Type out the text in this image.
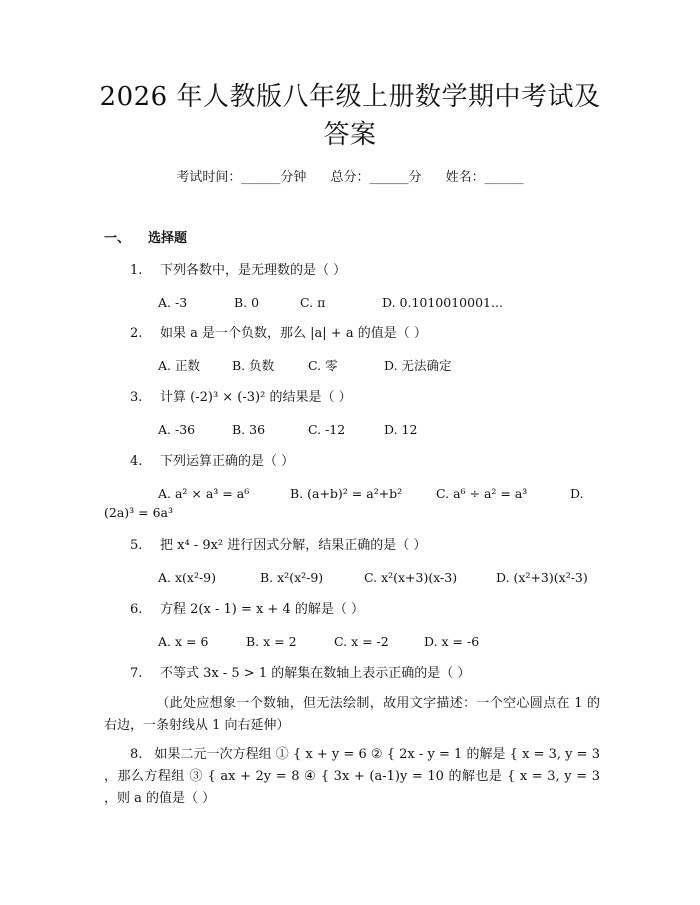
2026 年人教版八年级上册数学期中考试及答案
考试时间：______分钟 总分：______分 姓名：______
一、 选择题
1. 下列各数中，是无理数的是（ ）
A. -3	B. 0	C. π	D. 0.1010010001...
2. 如果 a 是一个负数，那么 |a| + a 的值是（ ）
A. 正数	B. 负数	C. 零	D. 无法确定
3. 计算 (-2)³ × (-3)² 的结果是（ ）
A. -36	B. 36	C. -12	D. 12
4. 下列运算正确的是（ ）
A. a² × a³ = a⁶	B. (a+b)² = a²+b²	C. a⁶ ÷ a² = a³	D.
(2a)³ = 6a³
5. 把 x⁴ - 9x² 进行因式分解，结果正确的是（ ）
A. x(x²-9)	B. x²(x²-9)	C. x²(x+3)(x-3)	D. (x²+3)(x²-3)
6. 方程 2(x - 1) = x + 4 的解是（ ）
A. x = 6	B. x = 2	C. x = -2	D. x = -6
7. 不等式 3x - 5 > 1 的解集在数轴上表示正确的是（ ）
（此处应想象一个数轴，但无法绘制，故用文字描述：一个空心圆点在 1 的右边，一条射线从 1 向右延伸）
8. 如果二元一次方程组 ① { x + y = 6 ② { 2x - y = 1 的解是 { x = 3, y = 3 ，那么方程组 ③ { ax + 2y = 8 ④ { 3x + (a-1)y = 10 的解也是 { x = 3, y = 3 ，则 a 的值是（ ）
